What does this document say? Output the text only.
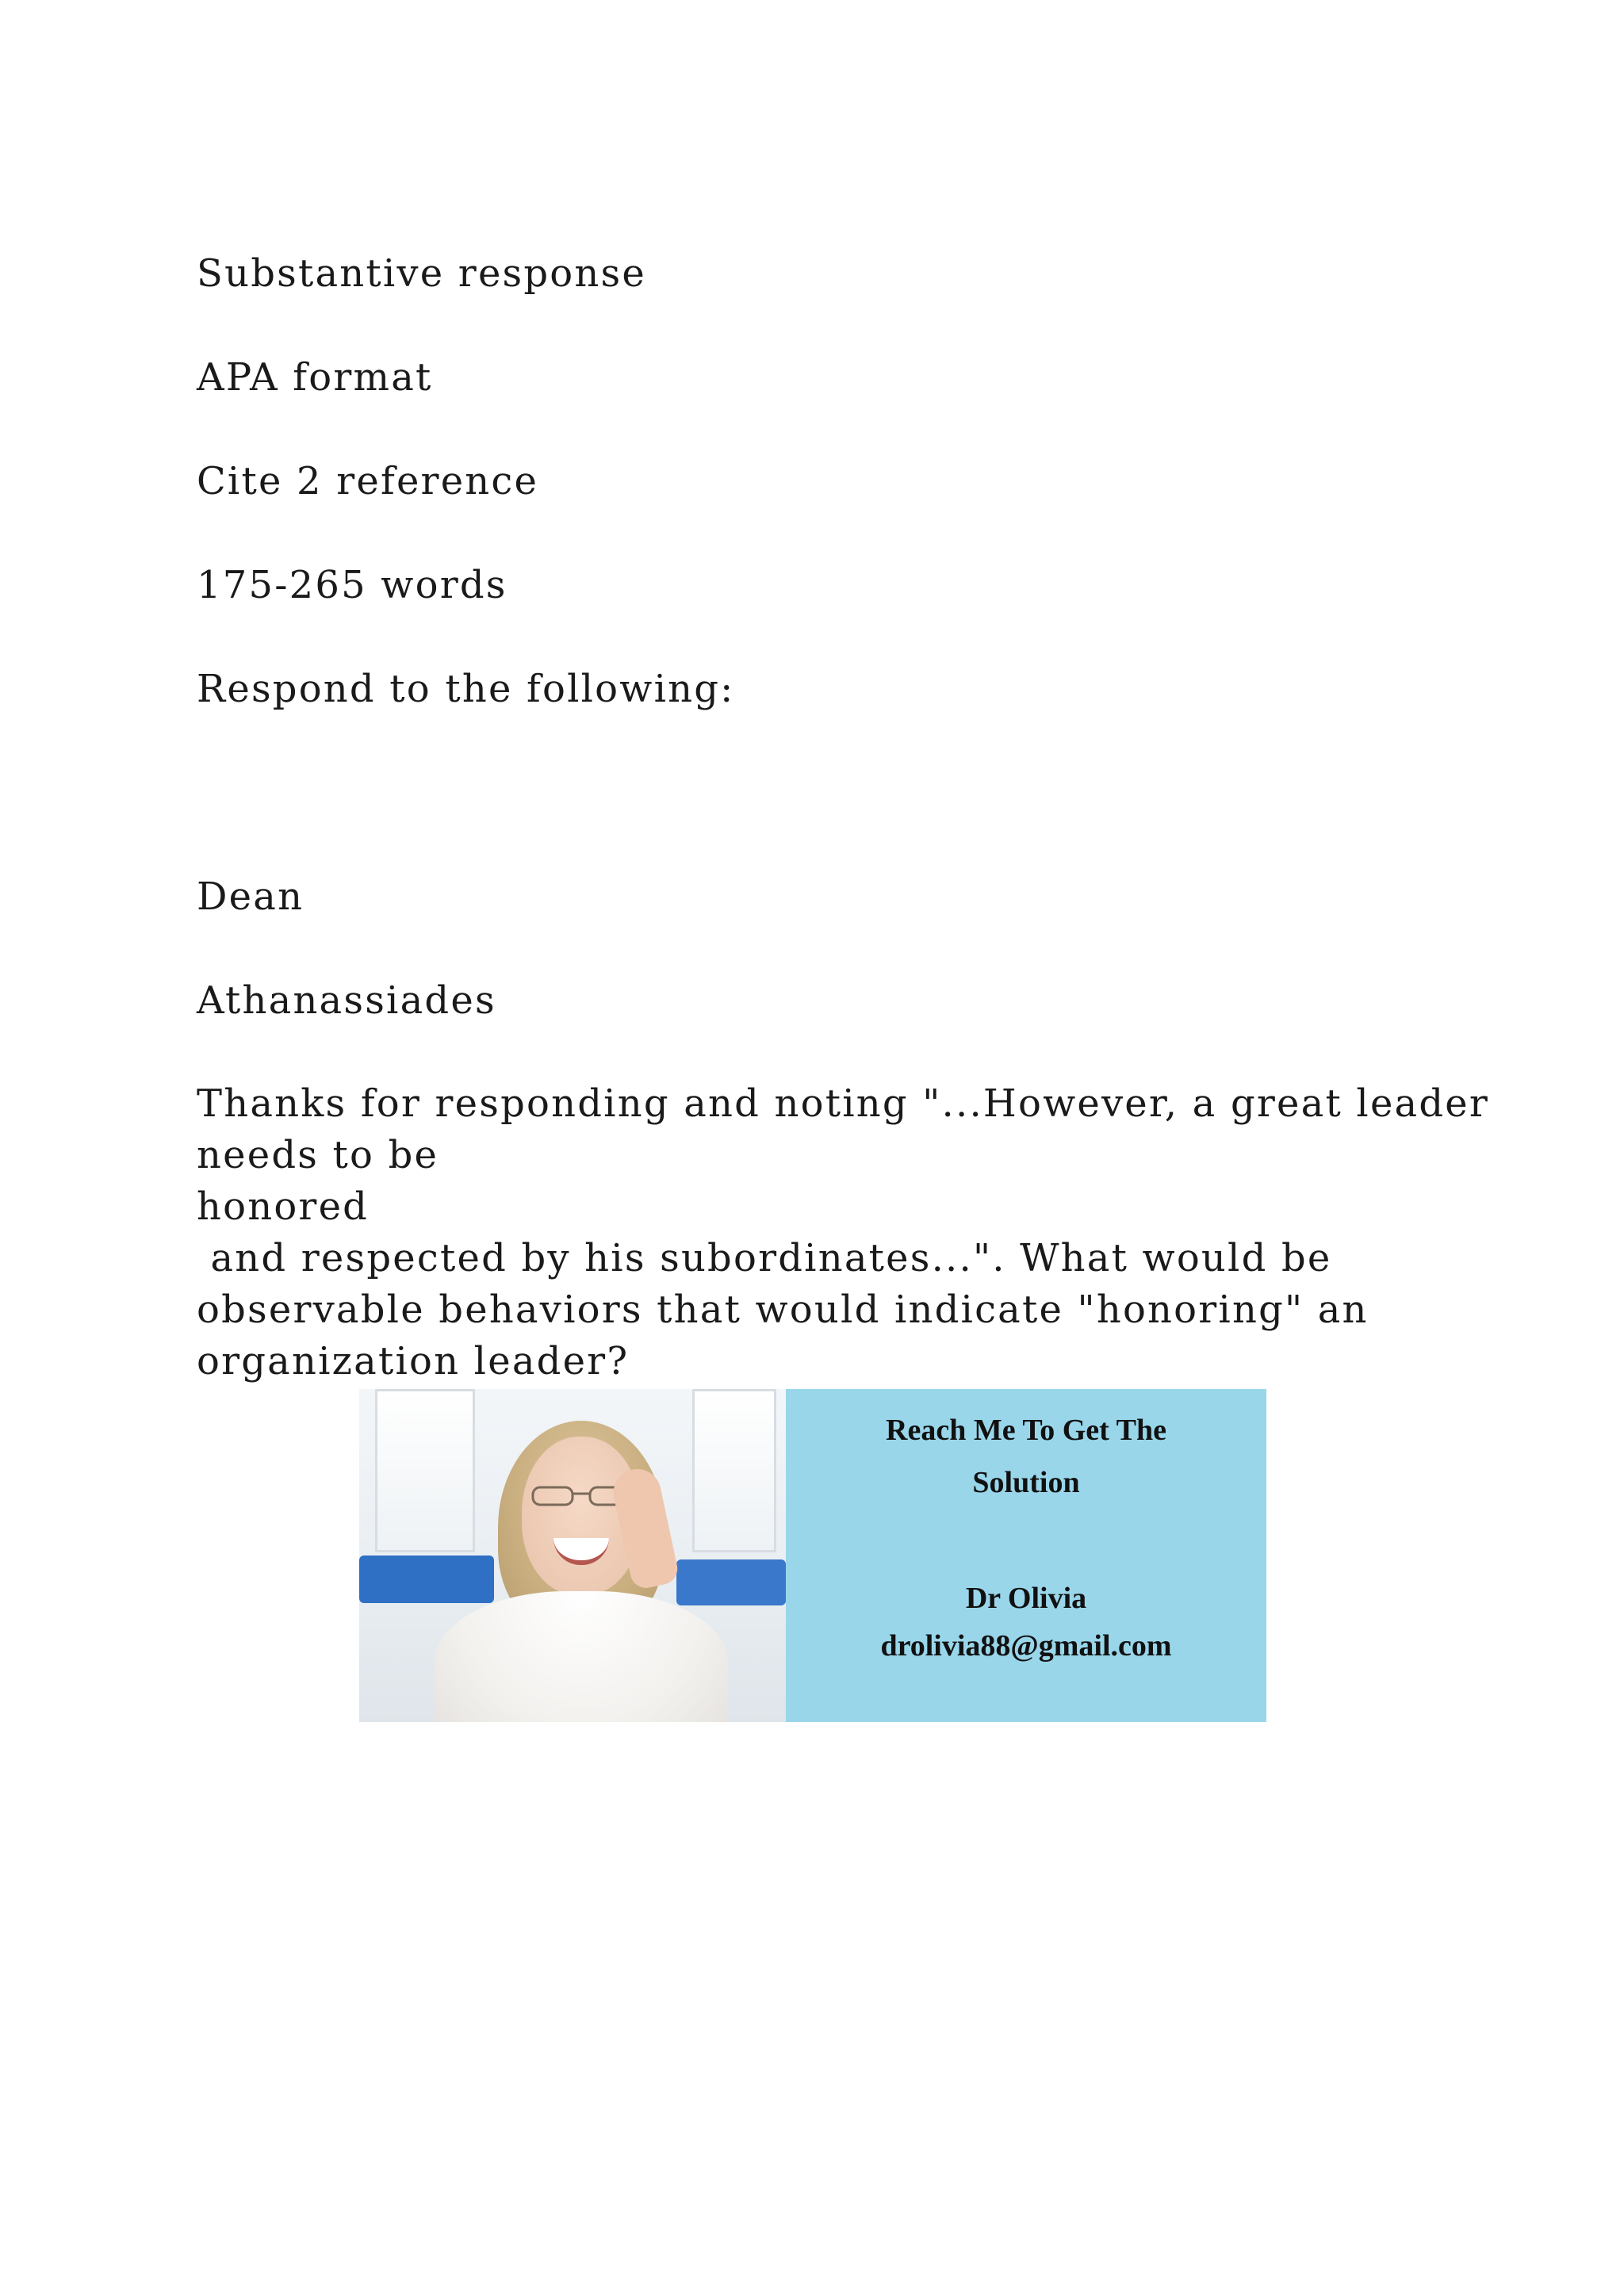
Substantive response

APA format

Cite 2 reference

175-265 words

Respond to the following:

Dean

Athanassiades

Thanks for responding and noting "...However, a great leader
needs to be
honored
and respected by his subordinates...". What would be
observable behaviors that would indicate "honoring" an
organization leader?
Reach Me To Get The
Solution
Dr Olivia
drolivia88@gmail.com
